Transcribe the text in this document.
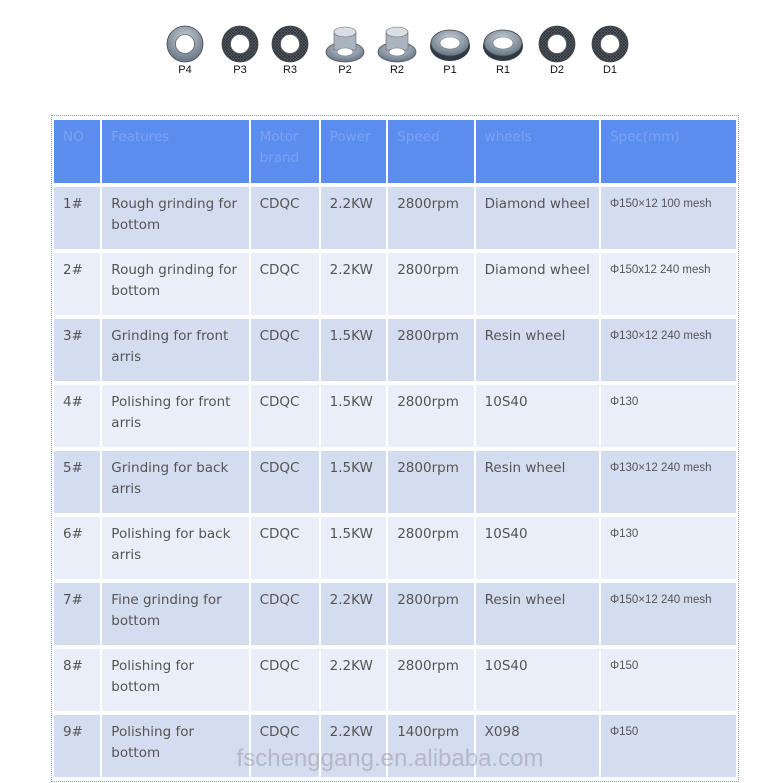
P4	P3	R3	P2	R2	P1	R1	D2	D1
NO	Features	Motor brand	Power	Speed	wheels	Spec(mm)
1#	Rough grinding for bottom	CDQC	2.2KW	2800rpm	Diamond wheel	Φ150×12 100 mesh
2#	Rough grinding for bottom	CDQC	2.2KW	2800rpm	Diamond wheel	Φ150x12 240 mesh
3#	Grinding for front arris	CDQC	1.5KW	2800rpm	Resin wheel	Φ130×12 240 mesh
4#	Polishing for front arris	CDQC	1.5KW	2800rpm	10S40	Φ130
5#	Grinding for back arris	CDQC	1.5KW	2800rpm	Resin wheel	Φ130×12 240 mesh
6#	Polishing for back arris	CDQC	1.5KW	2800rpm	10S40	Φ130
7#	Fine grinding for bottom	CDQC	2.2KW	2800rpm	Resin wheel	Φ150×12 240 mesh
8#	Polishing for bottom	CDQC	2.2KW	2800rpm	10S40	Φ150
9#	Polishing for bottom	CDQC	2.2KW	1400rpm	X098	Φ150
fschenggang.en.alibaba.com
